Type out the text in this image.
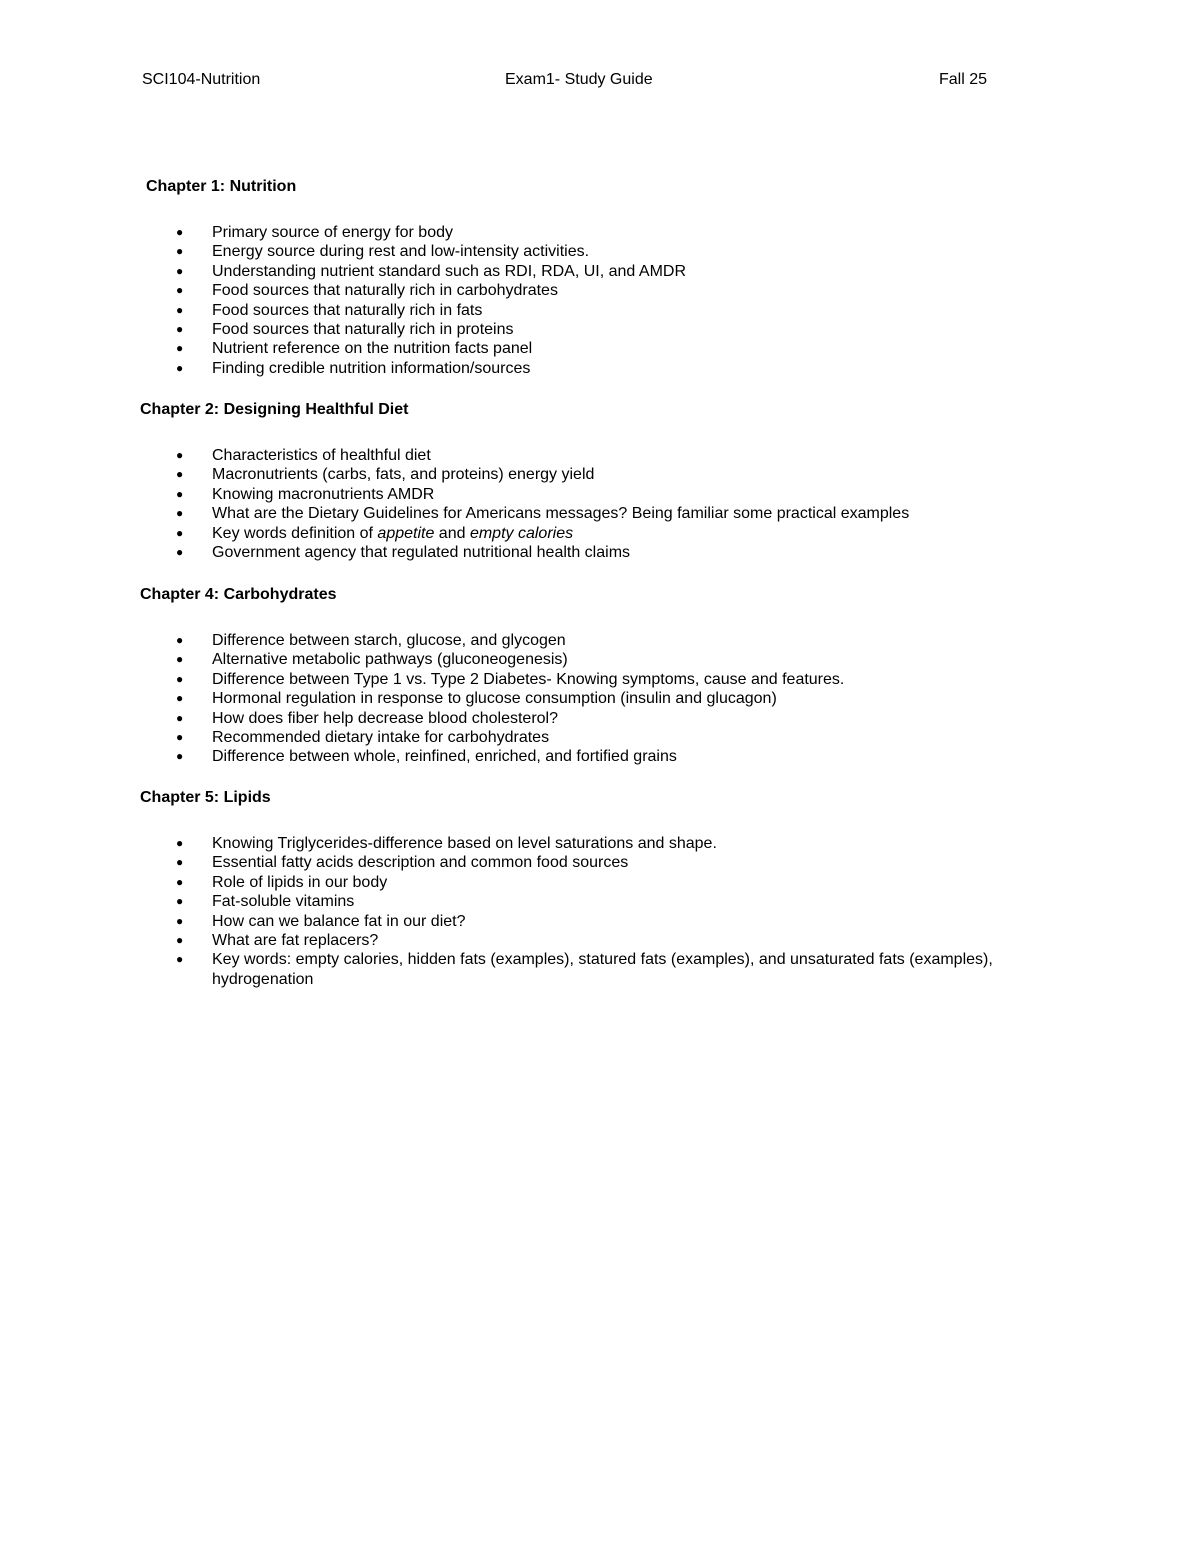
SCI104-Nutrition	Exam1- Study Guide	Fall 25

Chapter 1: Nutrition

● Primary source of energy for body
● Energy source during rest and low-intensity activities.
● Understanding nutrient standard such as RDI, RDA, UI, and AMDR
● Food sources that naturally rich in carbohydrates
● Food sources that naturally rich in fats
● Food sources that naturally rich in proteins
● Nutrient reference on the nutrition facts panel
● Finding credible nutrition information/sources

Chapter 2: Designing Healthful Diet

● Characteristics of healthful diet
● Macronutrients (carbs, fats, and proteins) energy yield
● Knowing macronutrients AMDR
● What are the Dietary Guidelines for Americans messages? Being familiar some practical examples
● Key words definition of appetite and empty calories
● Government agency that regulated nutritional health claims

Chapter 4: Carbohydrates

● Difference between starch, glucose, and glycogen
● Alternative metabolic pathways (gluconeogenesis)
● Difference between Type 1 vs. Type 2 Diabetes- Knowing symptoms, cause and features.
● Hormonal regulation in response to glucose consumption (insulin and glucagon)
● How does fiber help decrease blood cholesterol?
● Recommended dietary intake for carbohydrates
● Difference between whole, reinfined, enriched, and fortified grains

Chapter 5: Lipids

● Knowing Triglycerides-difference based on level saturations and shape.
● Essential fatty acids description and common food sources
● Role of lipids in our body
● Fat-soluble vitamins
● How can we balance fat in our diet?
● What are fat replacers?
● Key words: empty calories, hidden fats (examples), statured fats (examples), and unsaturated fats (examples), hydrogenation
